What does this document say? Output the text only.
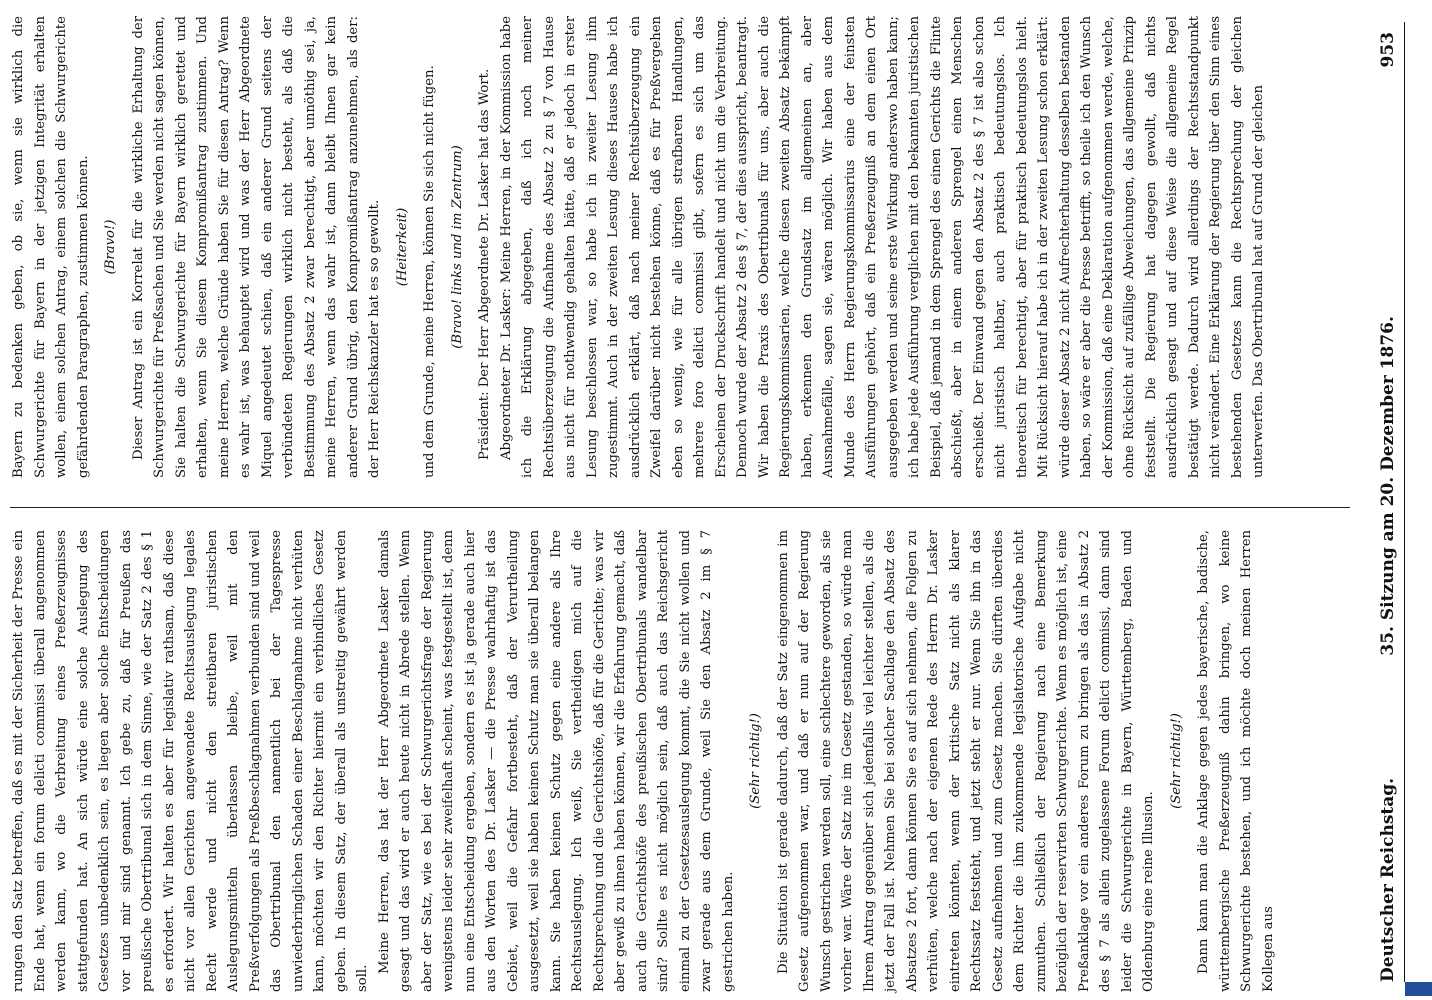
Deutscher Reichstag.
35. Sitzung am 20. Dezember 1876.
953

rungen den Satz betreffen, daß es mit der Sicherheit der Presse ein Ende hat, wenn ein forum delicti commissi überall angenommen werden kann, wo die Verbreitung eines Preßerzeugnisses stattgefunden hat. An sich würde eine solche Auslegung des Gesetzes unbedenklich sein, es liegen aber solche Entscheidungen vor und mir sind genannt. Ich gebe zu, daß für Preußen das preußische Obertribunal sich in dem Sinne, wie der Satz 2 des § 1 es erfordert. Wir halten es aber für legislativ rathsam, daß diese nicht vor allen Gerichten angewendete Rechtsauslegung legales Recht werde und nicht den streitbaren juristischen Auslegungsmitteln überlassen bleibe, weil mit den Preßverfolgungen als Preßbeschlagnahmen verbunden sind und weil das Obertribunal den namentlich bei der Tagespresse unwiederbringlichen Schaden einer Beschlagnahme nicht verhüten kann, möchten wir den Richter hiermit ein verbindliches Gesetz geben. In diesem Satz, der überall als unstreitig gewährt werden soll.

Meine Herren, das hat der Herr Abgeordnete Lasker damals gesagt und das wird er auch heute nicht in Abrede stellen. Wenn aber der Satz, wie es bei der Schwurgerichtsfrage der Regierung wenigstens leider sehr zweifelhaft scheint, was festgestellt ist, denn nun eine Entscheidung ergeben, sondern es ist ja gerade auch hier aus den Worten des Dr. Lasker — die Presse wahrhaftig ist das Gebiet, weil die Gefahr fortbesteht, daß der Verurtheilung ausgesetzt, weil sie haben keinen Schutz man sie überall belangen kann. Sie haben keinen Schutz gegen eine andere als Ihre Rechtsauslegung. Ich weiß, Sie vertheidigen mich auf die Rechtsprechung und die Gerichtshöfe, daß für die Gerichte; was wir aber gewiß zu ihnen haben können, wir die Erfahrung gemacht, daß auch die Gerichtshöfe des preußischen Obertribunals wandelbar sind? Sollte es nicht möglich sein, daß auch das Reichsgericht einmal zu der Gesetzesauslegung kommt, die Sie nicht wollen und zwar gerade aus dem Grunde, weil Sie den Absatz 2 im § 7 gestrichen haben.

(Sehr richtig!) Die Situation ist gerade dadurch, daß der Satz eingenommen im Gesetz aufgenommen war, und daß er nun auf der Regierung Wunsch gestrichen werden soll, eine schlechtere geworden, als sie vorher war. Wäre der Satz nie im Gesetz gestanden, so würde man Ihrem Antrag gegenüber sich jedenfalls viel leichter stellen, als die jetzt der Fall ist. Nehmen Sie bei solcher Sachlage den Absatz des Absatzes 2 fort, dann können Sie es auf sich nehmen, die Folgen zu verhüten, welche nach der eigenen Rede des Herrn Dr. Lasker eintreten könnten, wenn der kritische Satz nicht als klarer Rechtssatz feststeht, und jetzt steht er nur. Wenn Sie ihn in das Gesetz aufnehmen und zum Gesetz machen. Sie dürften überdies dem Richter die ihm zukommende legislatorische Aufgabe nicht zumuthen. Schließlich der Regierung nach eine Bemerkung bezüglich der reservirten Schwurgerichte. Wenn es möglich ist, eine Preßanklage vor ein anderes Forum zu bringen als das in Absatz 2 des § 7 als allein zugelassene Forum delicti commissi, dann sind leider die Schwurgerichte in Bayern, Württemberg, Baden und Oldenburg eine reine Illusion.

(Sehr richtig!) Dann kann man die Anklage gegen jedes bayerische, badische, württembergische Preßerzeugniß dahin bringen, wo keine Schwurgerichte bestehen, und ich möchte doch meinen Herren Kollegen aus

Bayern zu bedenken geben, ob sie, wenn sie wirklich die Schwurgerichte für Bayern in der jetzigen Integrität erhalten wollen, einem solchen Antrag, einem solchen die Schwurgerichte gefährdenden Paragraphen, zustimmen können. (Bravo!) Dieser Antrag ist ein Korrelat für die wirkliche Erhaltung der Schwurgerichte für Preßsachen und Sie werden nicht sagen können, Sie halten die Schwurgerichte für Bayern wirklich gerettet und erhalten, wenn Sie diesem Kompromißantrag zustimmen. Und meine Herren, welche Gründe haben Sie für diesen Antrag? Wenn es wahr ist, was behauptet wird und was der Herr Abgeordnete Miquel angedeutet schien, daß ein anderer Grund seitens der verbündeten Regierungen wirklich nicht besteht, als daß die Bestimmung des Absatz 2 zwar berechtigt, aber unnöthig sei, ja, meine Herren, wenn das wahr ist, dann bleibt Ihnen gar kein anderer Grund übrig, den Kompromißantrag anzunehmen, als der: der Herr Reichskanzler hat es so gewollt. (Heiterkeit) und dem Grunde, meine Herren, können Sie sich nicht fügen. (Bravo! links und im Zentrum) Präsident: Der Herr Abgeordnete Dr. Lasker hat das Wort. Abgeordneter Dr. Lasker: Meine Herren, in der Kommission habe ich die Erklärung abgegeben, daß ich noch meiner Rechtsüberzeugung die Aufnahme des Absatz 2 zu § 7 von Hause aus nicht für nothwendig gehalten hätte, daß er jedoch in erster Lesung beschlossen war, so habe ich in zweiter Lesung ihm zugestimmt. Auch in der zweiten Lesung dieses Hauses habe ich ausdrücklich erklärt, daß nach meiner Rechtsüberzeugung ein Zweifel darüber nicht bestehen könne, daß es für Preßvergehen eben so wenig, wie für alle übrigen strafbaren Handlungen, mehrere foro delicti commissi gibt, sofern es sich um das Erscheinen der Druckschrift handelt und nicht um die Verbreitung. Dennoch wurde der Absatz 2 des § 7, der dies ausspricht, beantragt. Wir haben die Praxis des Obertribunals für uns, aber auch die Regierungskommissarien, welche diesen zweiten Absatz bekämpft haben, erkennen den Grundsatz im allgemeinen an, aber Ausnahmefälle, sagen sie, wären möglich. Wir haben aus dem Munde des Herrn Regierungskommissarius eine der feinsten Ausführungen gehört, daß ein Preßerzeugniß an dem einen Ort ausgegeben werden und seine erste Wirkung anderswo haben kann; ich habe jede Ausführung verglichen mit den bekannten juristischen Beispiel, daß jemand in dem Sprengel des einen Gerichts die Flinte abschießt, aber in einem anderen Sprengel einen Menschen erschießt. Der Einwand gegen den Absatz 2 des § 7 ist also schon nicht juristisch haltbar, auch praktisch bedeutungslos. Ich theoretisch für berechtigt, aber für praktisch bedeutungslos hielt. Mit Rücksicht hierauf habe ich in der zweiten Lesung schon erklärt: würde dieser Absatz 2 nicht Aufrechterhaltung desselben bestanden haben, so wäre er aber die Presse betrifft, so theile ich den Wunsch der Kommission, daß eine Deklaration aufgenommen werde, welche, ohne Rücksicht auf zufällige Abweichungen, das allgemeine Prinzip feststellt. Die Regierung hat dagegen gewollt, daß nichts ausdrücklich gesagt und auf diese Weise die allgemeine Regel bestätigt werde. Dadurch wird allerdings der Rechtsstandpunkt nicht verändert. Eine Erklärung der Regierung über den Sinn eines bestehenden Gesetzes kann die Rechtsprechung der gleichen unterwerfen. Das Obertribunal hat auf Grund der gleichen
